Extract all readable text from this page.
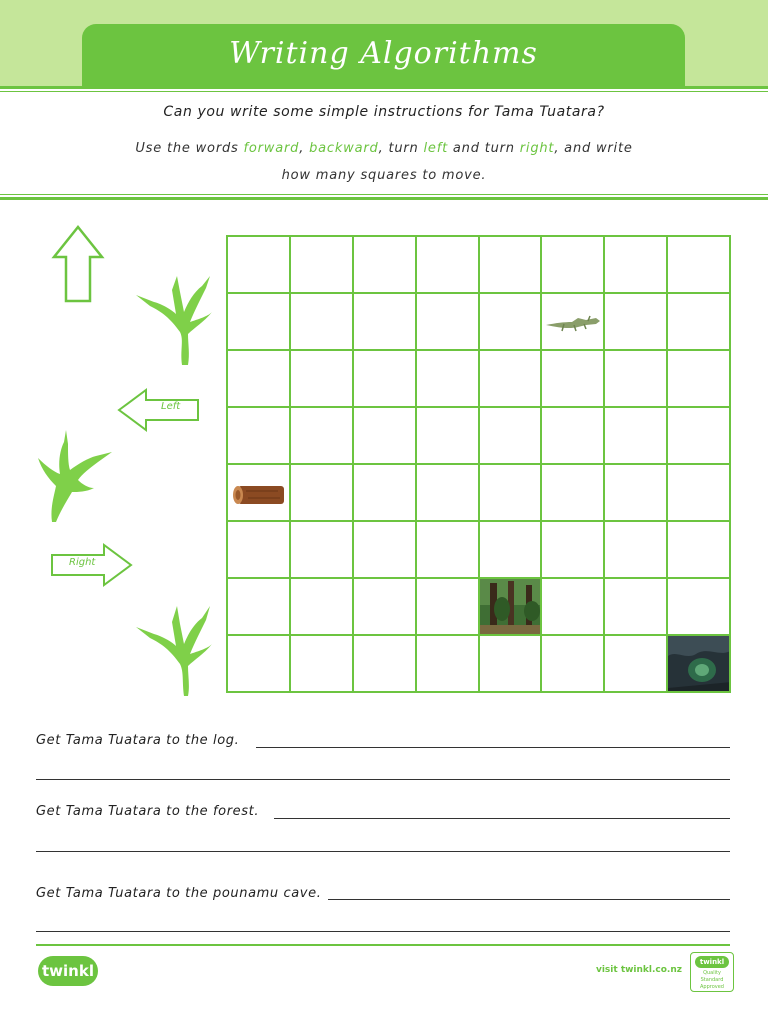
Writing Algorithms
Can you write some simple instructions for Tama Tuatara?
Use the words forward, backward, turn left and turn right, and write
how many squares to move.
Left
Right
Get Tama Tuatara to the log.
Get Tama Tuatara to the forest.
Get Tama Tuatara to the pounamu cave.
twinkl	visit twinkl.co.nz
twinkl
Quality Standard Approved
